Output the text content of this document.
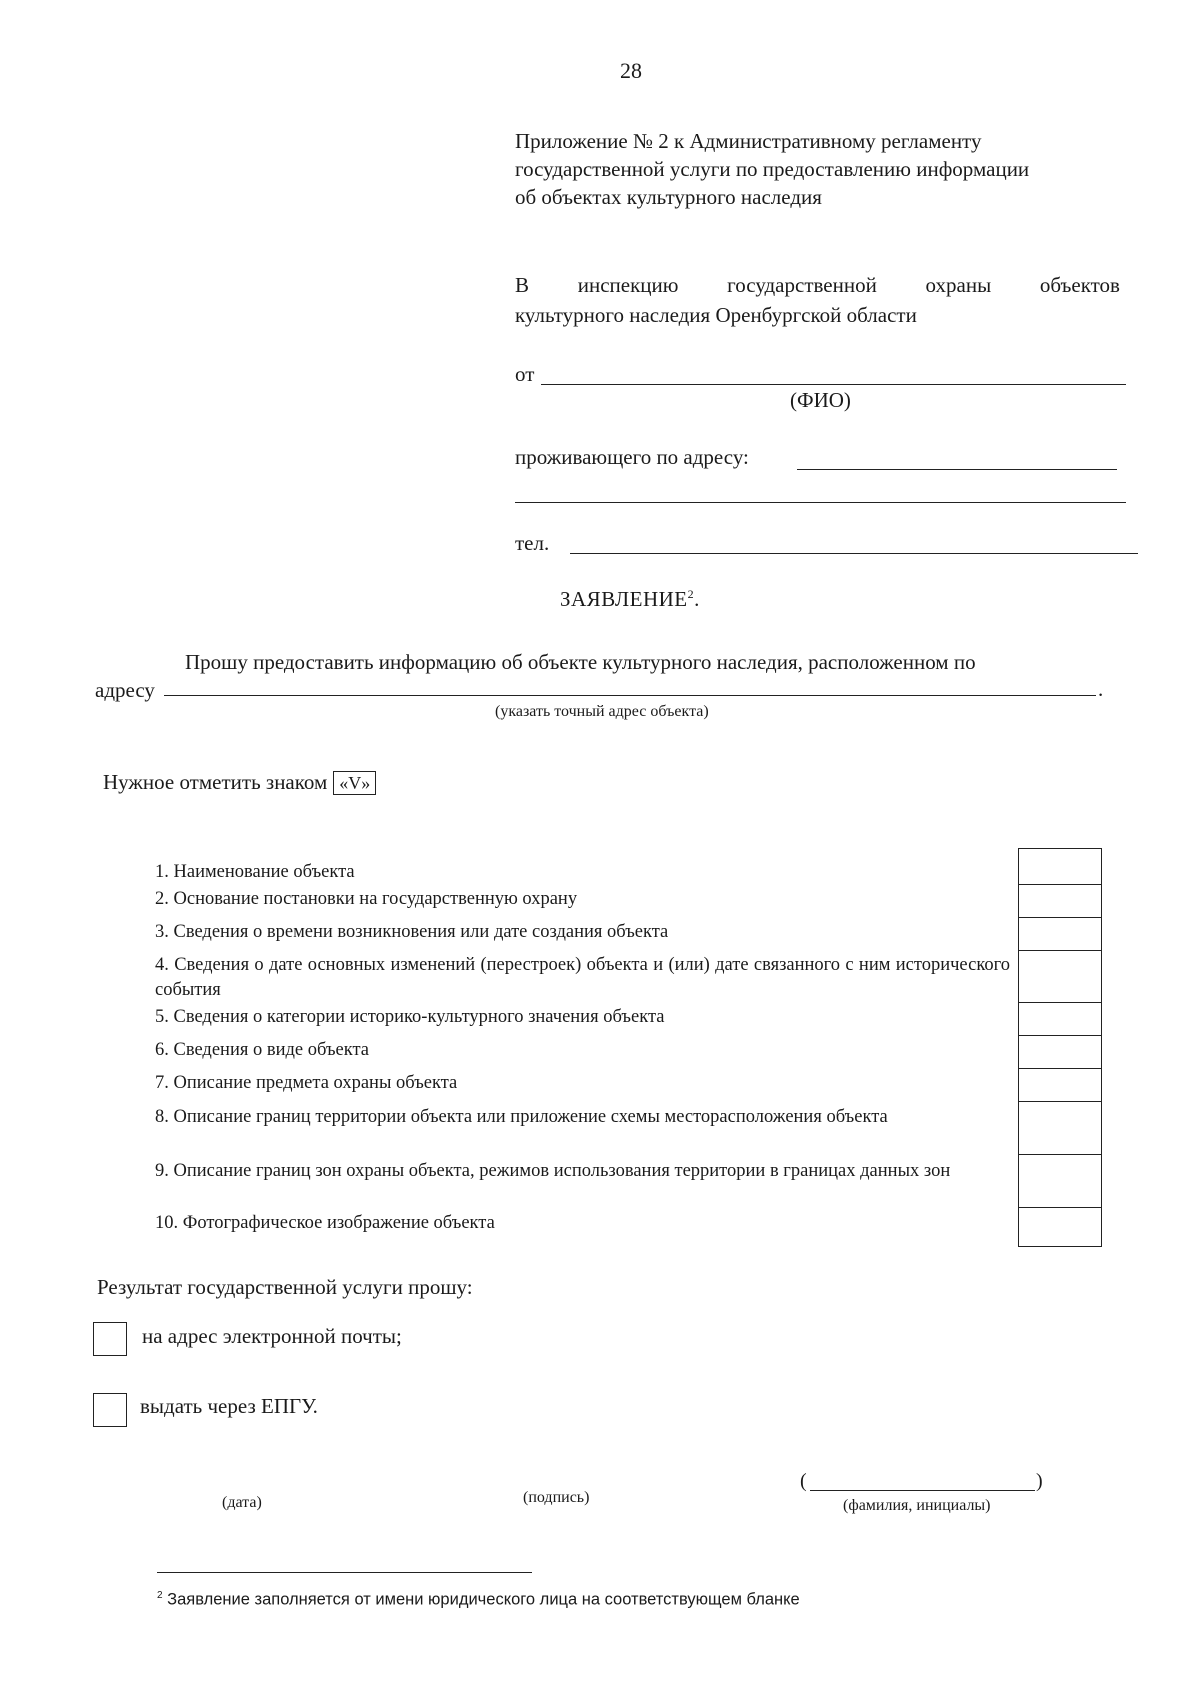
28
Приложение № 2 к Административному регламенту
государственной услуги по предоставлению информации
об объектах культурного наследия
В инспекцию государственной охраны объектов
культурного наследия Оренбургской области
от
(ФИО)
проживающего по адресу:
тел.
ЗАЯВЛЕНИЕ$^2$.
Прошу предоставить информацию об объекте культурного наследия, расположенном по
адресу	.
(указать точный адрес объекта)
Нужное отметить знаком «V»
1. Наименование объекта
2. Основание постановки на государственную охрану
3. Сведения о времени возникновения или дате создания объекта
4. Сведения о дате основных изменений (перестроек) объекта и (или) дате связанного с ним исторического события
5. Сведения о категории историко-культурного значения объекта
6. Сведения о виде объекта
7. Описание предмета охраны объекта
8. Описание границ территории объекта или приложение схемы месторасположения объекта
9. Описание границ зон охраны объекта, режимов использования территории в границах данных зон
10. Фотографическое изображение объекта
Результат государственной услуги прошу:
на адрес электронной почты;
выдать через ЕПГУ.
(дата)	(подпись)
(	)
(фамилия, инициалы)
$^2$ Заявление заполняется от имени юридического лица на соответствующем бланке
